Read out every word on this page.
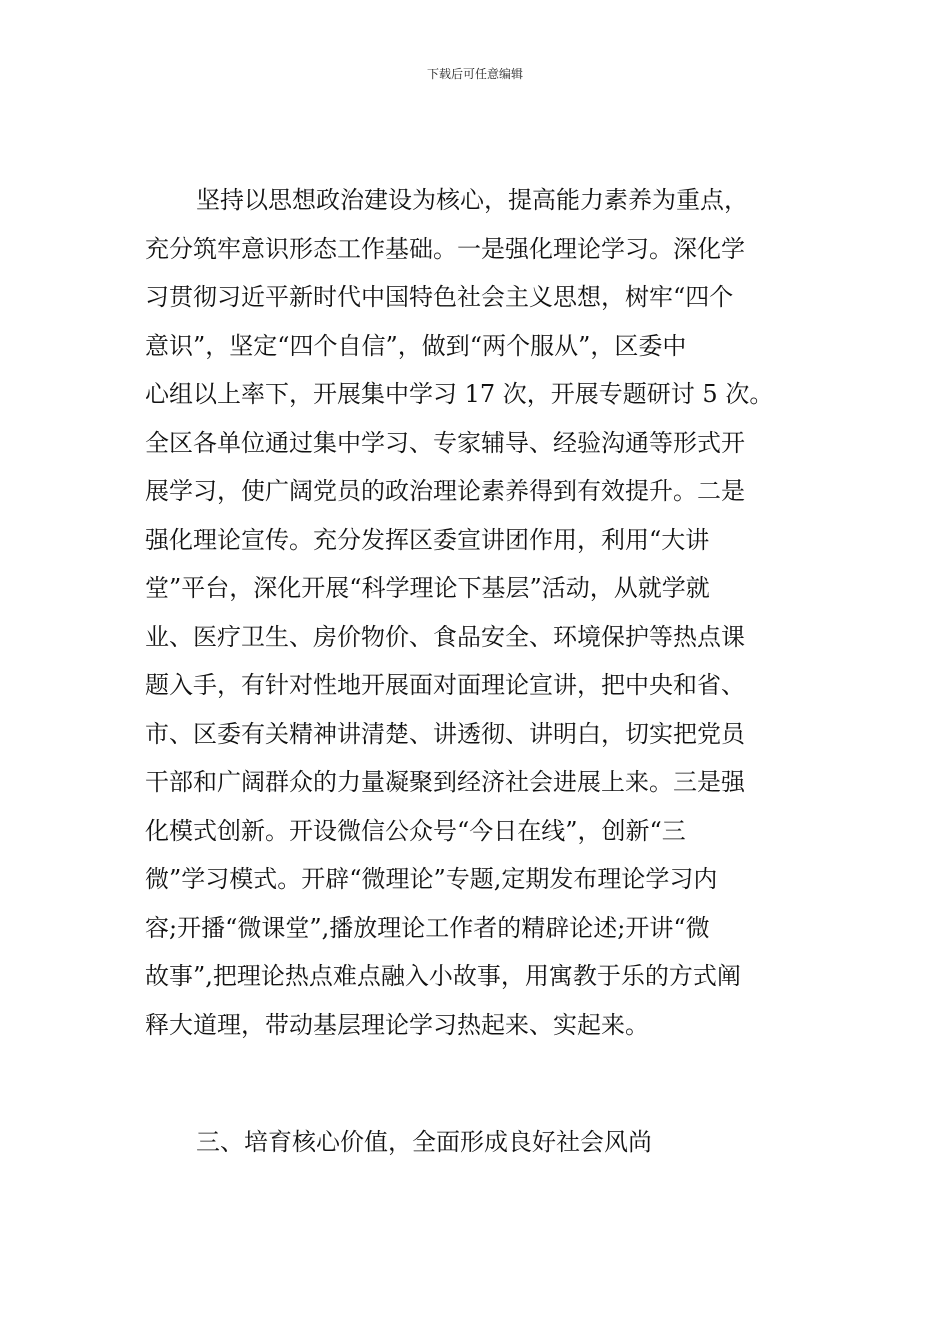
下载后可任意编辑

坚持以思想政治建设为核心，提高能力素养为重点，
充分筑牢意识形态工作基础。一是强化理论学习。深化学
习贯彻习近平新时代中国特色社会主义思想，树牢“四个
意识”，坚定“四个自信”，做到“两个服从”，区委中
心组以上率下，开展集中学习 17 次，开展专题研讨 5 次。
全区各单位通过集中学习、专家辅导、经验沟通等形式开
展学习，使广阔党员的政治理论素养得到有效提升。二是
强化理论宣传。充分发挥区委宣讲团作用，利用“大讲
堂”平台，深化开展“科学理论下基层”活动，从就学就
业、医疗卫生、房价物价、食品安全、环境保护等热点课
题入手，有针对性地开展面对面理论宣讲，把中央和省、
市、区委有关精神讲清楚、讲透彻、讲明白，切实把党员
干部和广阔群众的力量凝聚到经济社会进展上来。三是强
化模式创新。开设微信公众号“今日在线”，创新“三
微”学习模式。开辟“微理论”专题,定期发布理论学习内
容;开播“微课堂”,播放理论工作者的精辟论述;开讲“微
故事”,把理论热点难点融入小故事，用寓教于乐的方式阐
释大道理，带动基层理论学习热起来、实起来。

三、培育核心价值，全面形成良好社会风尚
